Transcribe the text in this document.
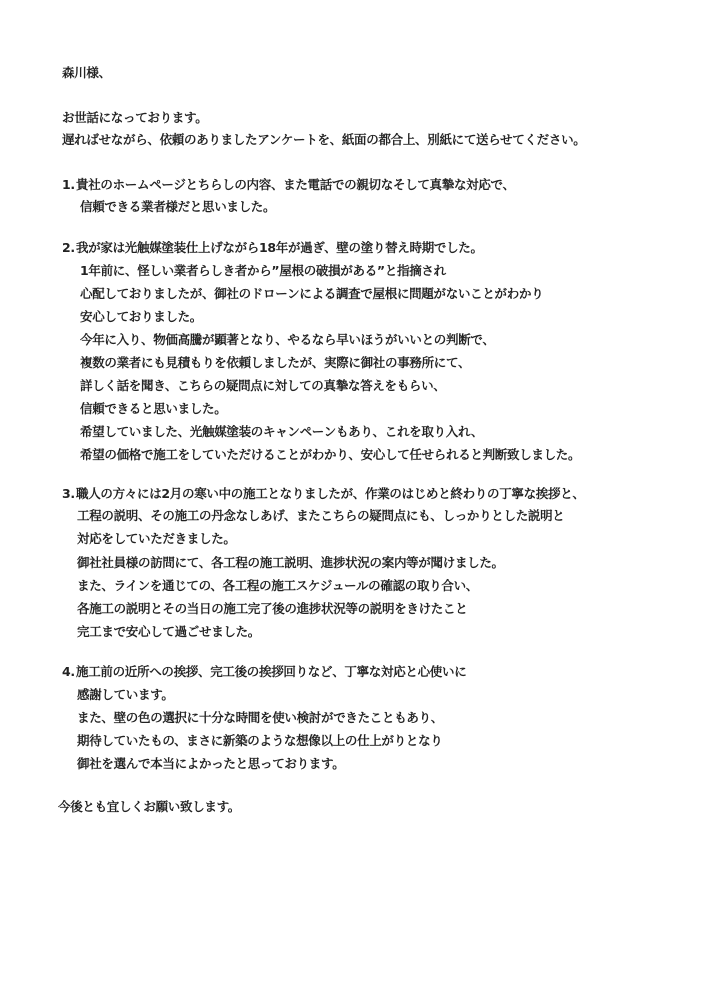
森川様、
お世話になっております。
遅ればせながら、依頼のありましたアンケートを、紙面の都合上、別紙にて送らせてください。
1.貴社のホームページとちらしの内容、また電話での親切なそして真摯な対応で、
信頼できる業者様だと思いました。
2.我が家は光触媒塗装仕上げながら18年が過ぎ、壁の塗り替え時期でした。
1年前に、怪しい業者らしき者から”屋根の破損がある”と指摘され
心配しておりましたが、御社のドローンによる調査で屋根に問題がないことがわかり
安心しておりました。
今年に入り、物価高騰が顕著となり、やるなら早いほうがいいとの判断で、
複数の業者にも見積もりを依頼しましたが、実際に御社の事務所にて、
詳しく話を聞き、こちらの疑問点に対しての真摯な答えをもらい、
信頼できると思いました。
希望していました、光触媒塗装のキャンペーンもあり、これを取り入れ、
希望の価格で施工をしていただけることがわかり、安心して任せられると判断致しました。
3.職人の方々には2月の寒い中の施工となりましたが、作業のはじめと終わりの丁寧な挨拶と、
工程の説明、その施工の丹念なしあげ、またこちらの疑問点にも、しっかりとした説明と
対応をしていただきました。
御社社員様の訪問にて、各工程の施工説明、進捗状況の案内等が聞けました。
また、ラインを通じての、各工程の施工スケジュールの確認の取り合い、
各施工の説明とその当日の施工完了後の進捗状況等の説明をきけたこと
完工まで安心して過ごせました。
4.施工前の近所への挨拶、完工後の挨拶回りなど、丁寧な対応と心使いに
感謝しています。
また、壁の色の選択に十分な時間を使い検討ができたこともあり、
期待していたもの、まさに新築のような想像以上の仕上がりとなり
御社を選んで本当によかったと思っております。
今後とも宜しくお願い致します。
